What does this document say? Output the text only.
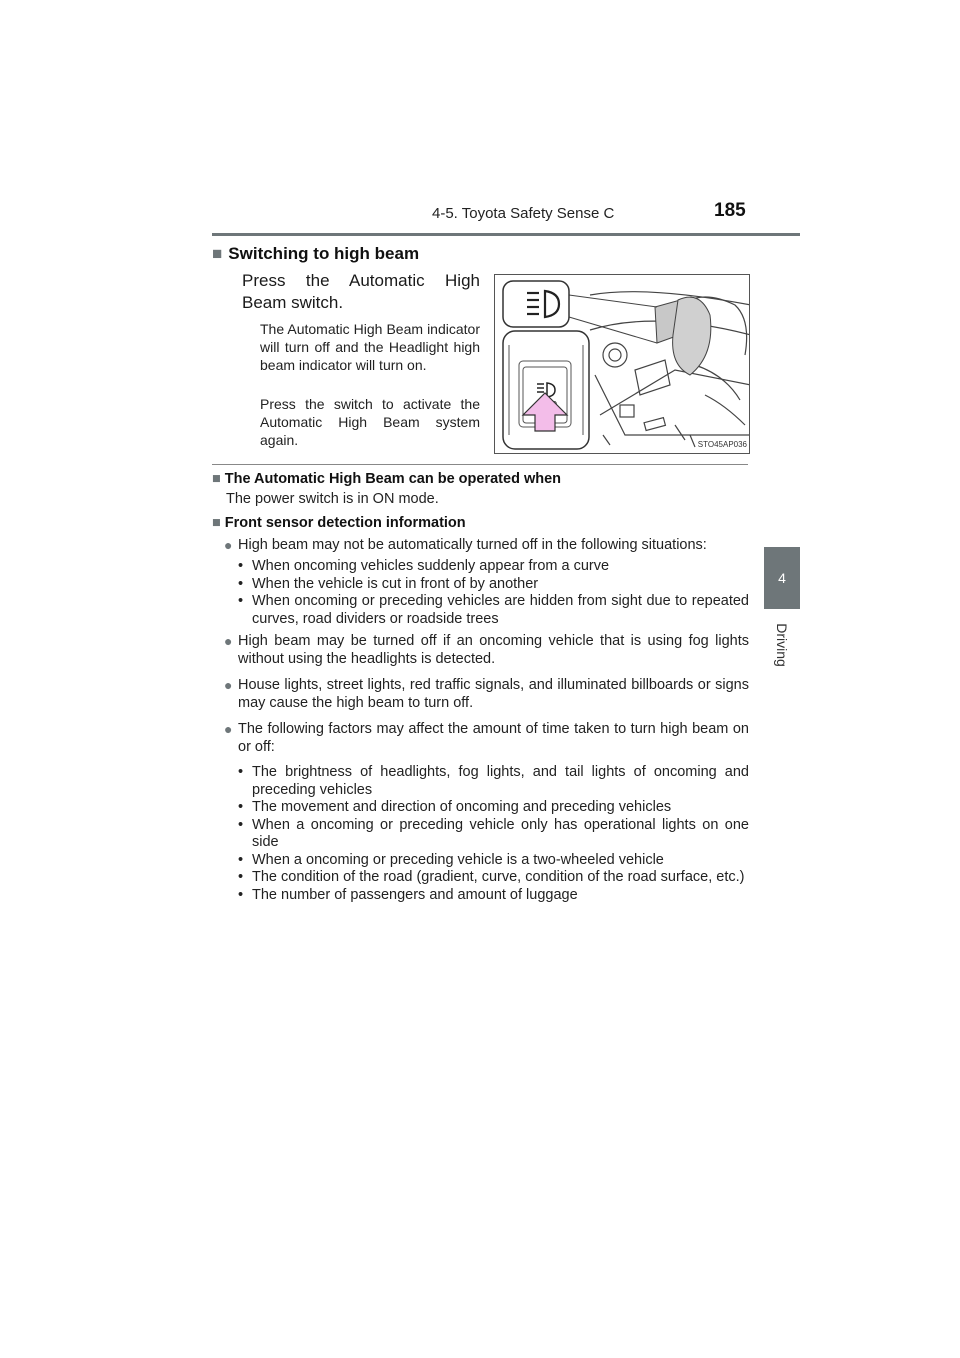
4-5. Toyota Safety Sense C	185
4
Driving
■ Switching to high beam
Press the Automatic High Beam switch.
The Automatic High Beam indicator will turn off and the Headlight high beam indicator will turn on.
Press the switch to activate the Automatic High Beam system again.	STO45AP036

■ The Automatic High Beam can be operated when

The power switch is in ON mode.

■ Front sensor detection information

● High beam may not be automatically turned off in the following situations:
• When oncoming vehicles suddenly appear from a curve
• When the vehicle is cut in front of by another
• When oncoming or preceding vehicles are hidden from sight due to repeated curves, road dividers or roadside trees
● High beam may be turned off if an oncoming vehicle that is using fog lights without using the headlights is detected.
● House lights, street lights, red traffic signals, and illuminated billboards or signs may cause the high beam to turn off.
● The following factors may affect the amount of time taken to turn high beam on or off:
• The brightness of headlights, fog lights, and tail lights of oncoming and preceding vehicles
• The movement and direction of oncoming and preceding vehicles
• When a oncoming or preceding vehicle only has operational lights on one side
• When a oncoming or preceding vehicle is a two-wheeled vehicle
• The condition of the road (gradient, curve, condition of the road surface, etc.)
• The number of passengers and amount of luggage
